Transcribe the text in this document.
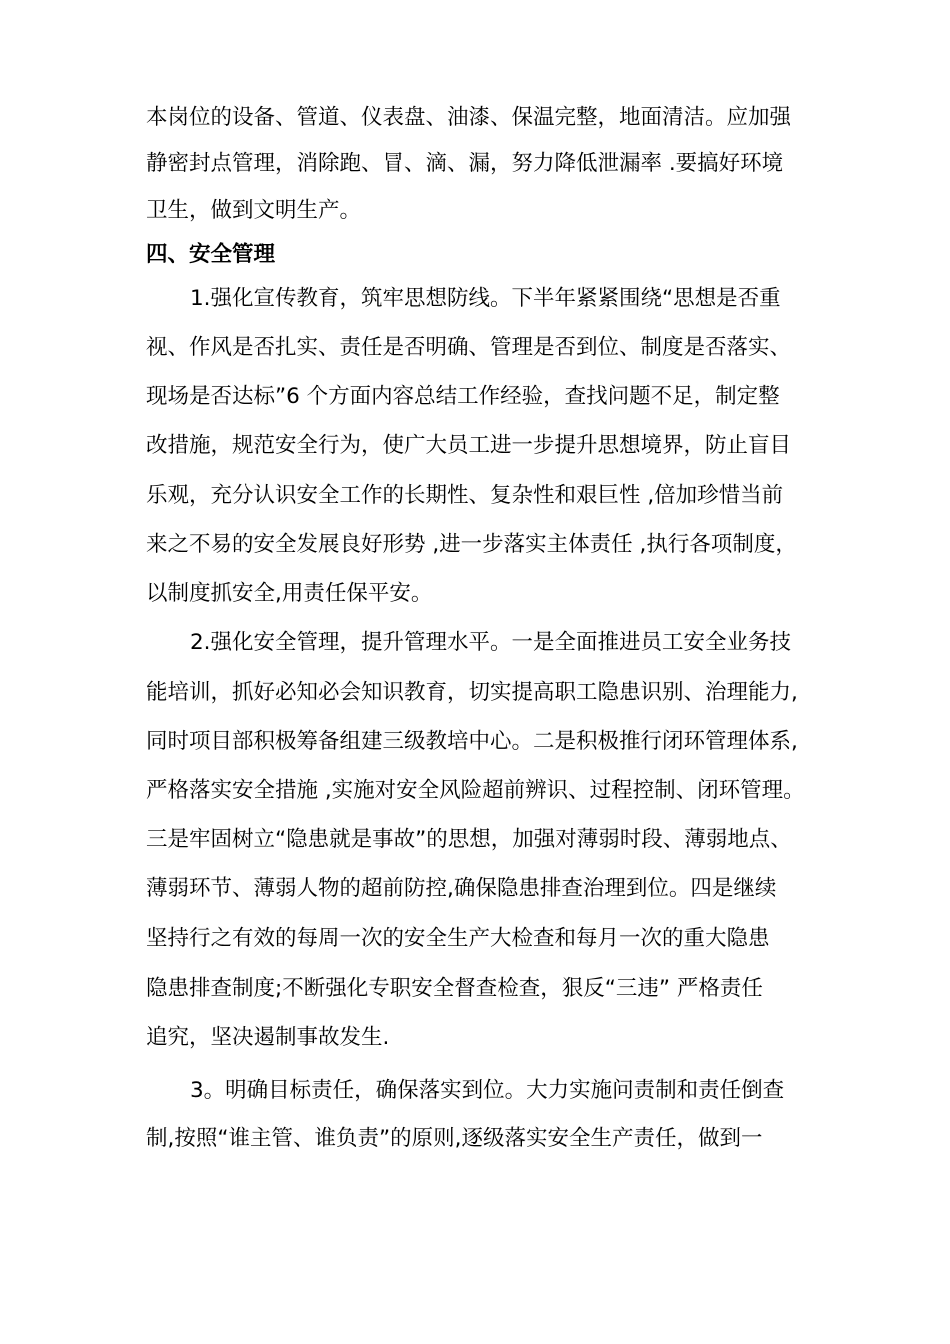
本岗位的设备、管道、仪表盘、油漆、保温完整，地面清洁。应加强
静密封点管理，消除跑、冒、滴、漏，努力降低泄漏率 .要搞好环境
卫生，做到文明生产。
四、安全管理
1.强化宣传教育，筑牢思想防线。下半年紧紧围绕“思想是否重
视、作风是否扎实、责任是否明确、管理是否到位、制度是否落实、
现场是否达标”6 个方面内容总结工作经验，查找问题不足，制定整
改措施，规范安全行为，使广大员工进一步提升思想境界，防止盲目
乐观，充分认识安全工作的长期性、复杂性和艰巨性 ,倍加珍惜当前
来之不易的安全发展良好形势 ,进一步落实主体责任 ,执行各项制度，
以制度抓安全,用责任保平安。
2.强化安全管理，提升管理水平。一是全面推进员工安全业务技
能培训，抓好必知必会知识教育，切实提高职工隐患识别、治理能力,
同时项目部积极筹备组建三级教培中心。二是积极推行闭环管理体系,
严格落实安全措施 ,实施对安全风险超前辨识、过程控制、闭环管理。
三是牢固树立“隐患就是事故”的思想，加强对薄弱时段、薄弱地点、
薄弱环节、薄弱人物的超前防控,确保隐患排查治理到位。四是继续
坚持行之有效的每周一次的安全生产大检查和每月一次的重大隐患
隐患排查制度;不断强化专职安全督查检查，狠反“三违” 严格责任
追究，坚决遏制事故发生.
3。明确目标责任，确保落实到位。大力实施问责制和责任倒查
制,按照“谁主管、谁负责”的原则,逐级落实安全生产责任，做到一
